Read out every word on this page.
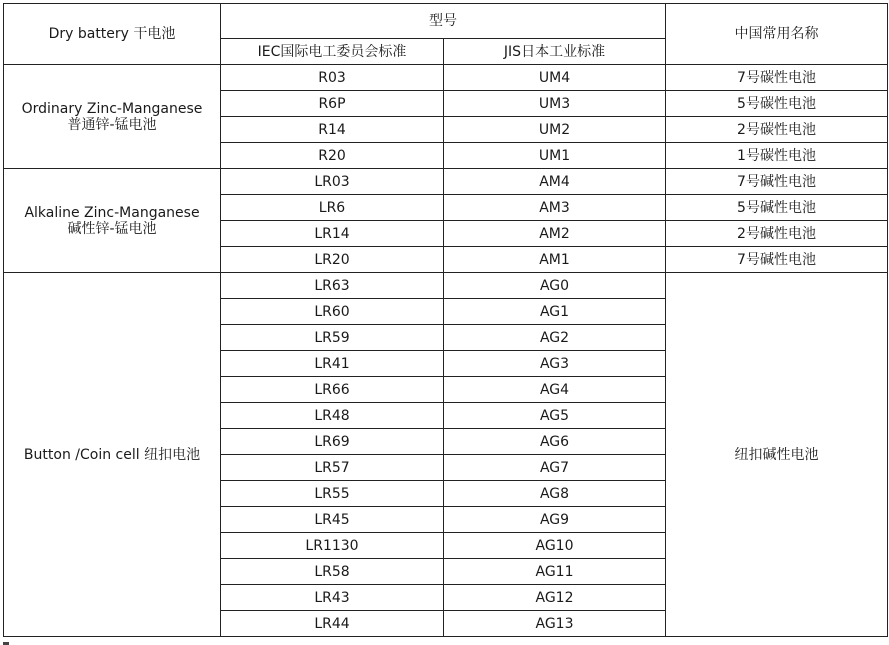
Dry battery 干电池	型号		中国常用名称
	IEC国际电工委员会标准	JIS日本工业标准	

Ordinary Zinc-Manganese
普通锌-锰电池	R03	UM4	7号碳性电池
	R6P	UM3	5号碳性电池
	R14	UM2	2号碳性电池
	R20	UM1	1号碳性电池

Alkaline Zinc-Manganese
碱性锌-锰电池	LR03	AM4	7号碱性电池
	LR6	AM3	5号碱性电池
	LR14	AM2	2号碱性电池
	LR20	AM1	7号碱性电池
Button /Coin cell 纽扣电池	LR63	AG0	纽扣碱性电池
	LR60	AG1	
	LR59	AG2	
	LR41	AG3	
	LR66	AG4	
	LR48	AG5	
	LR69	AG6	
	LR57	AG7	
	LR55	AG8	
	LR45	AG9	
	LR1130	AG10	
	LR58	AG11	
	LR43	AG12	
	LR44	AG13	
